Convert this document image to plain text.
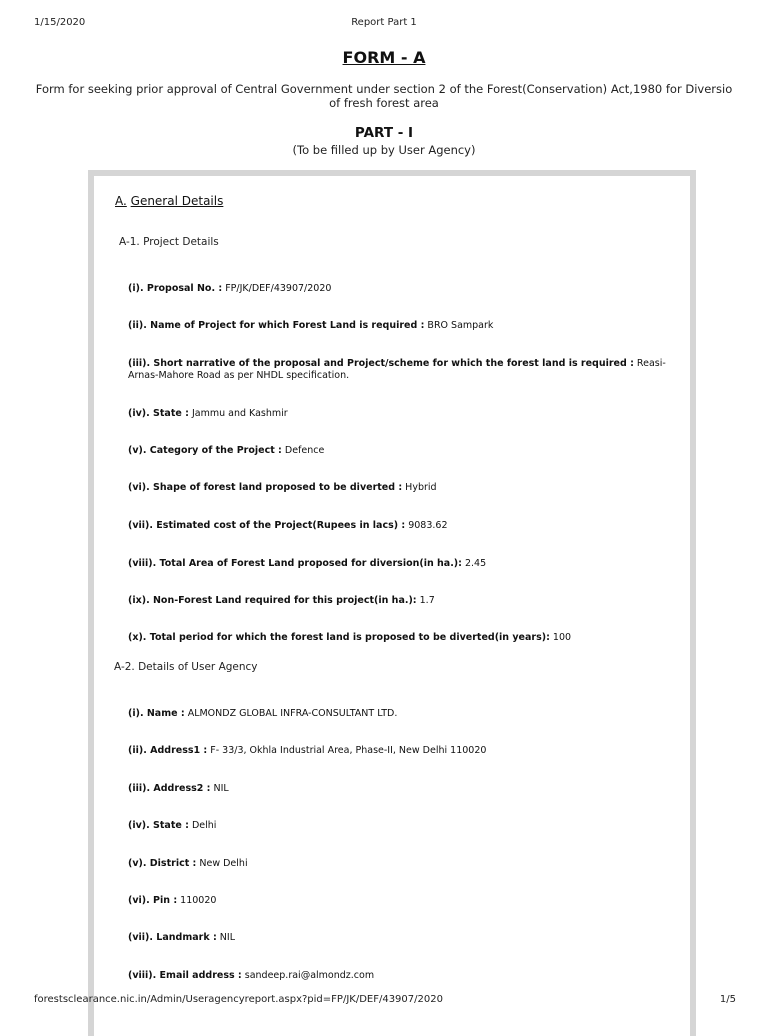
1/15/2020	Report Part 1
FORM - A
Form for seeking prior approval of Central Government under section 2 of the Forest(Conservation) Act,1980 for Diversio of fresh forest area
PART - I
(To be filled up by User Agency)
A. General Details
A-1. Project Details
(i). Proposal No. : FP/JK/DEF/43907/2020
(ii). Name of Project for which Forest Land is required : BRO Sampark
(iii). Short narrative of the proposal and Project/scheme for which the forest land is required : Reasi-Arnas-Mahore Road as per NHDL specification.
(iv). State : Jammu and Kashmir
(v). Category of the Project : Defence
(vi). Shape of forest land proposed to be diverted : Hybrid
(vii). Estimated cost of the Project(Rupees in lacs) : 9083.62
(viii). Total Area of Forest Land proposed for diversion(in ha.): 2.45
(ix). Non-Forest Land required for this project(in ha.): 1.7
(x). Total period for which the forest land is proposed to be diverted(in years): 100
A-2. Details of User Agency
(i). Name : ALMONDZ GLOBAL INFRA-CONSULTANT LTD.
(ii). Address1 : F- 33/3, Okhla Industrial Area, Phase-II, New Delhi 110020
(iii). Address2 : NIL
(iv). State : Delhi
(v). District : New Delhi
(vi). Pin : 110020
(vii). Landmark : NIL
(viii). Email address : sandeep.rai@almondz.com
forestsclearance.nic.in/Admin/Useragencyreport.aspx?pid=FP/JK/DEF/43907/2020	1/5
